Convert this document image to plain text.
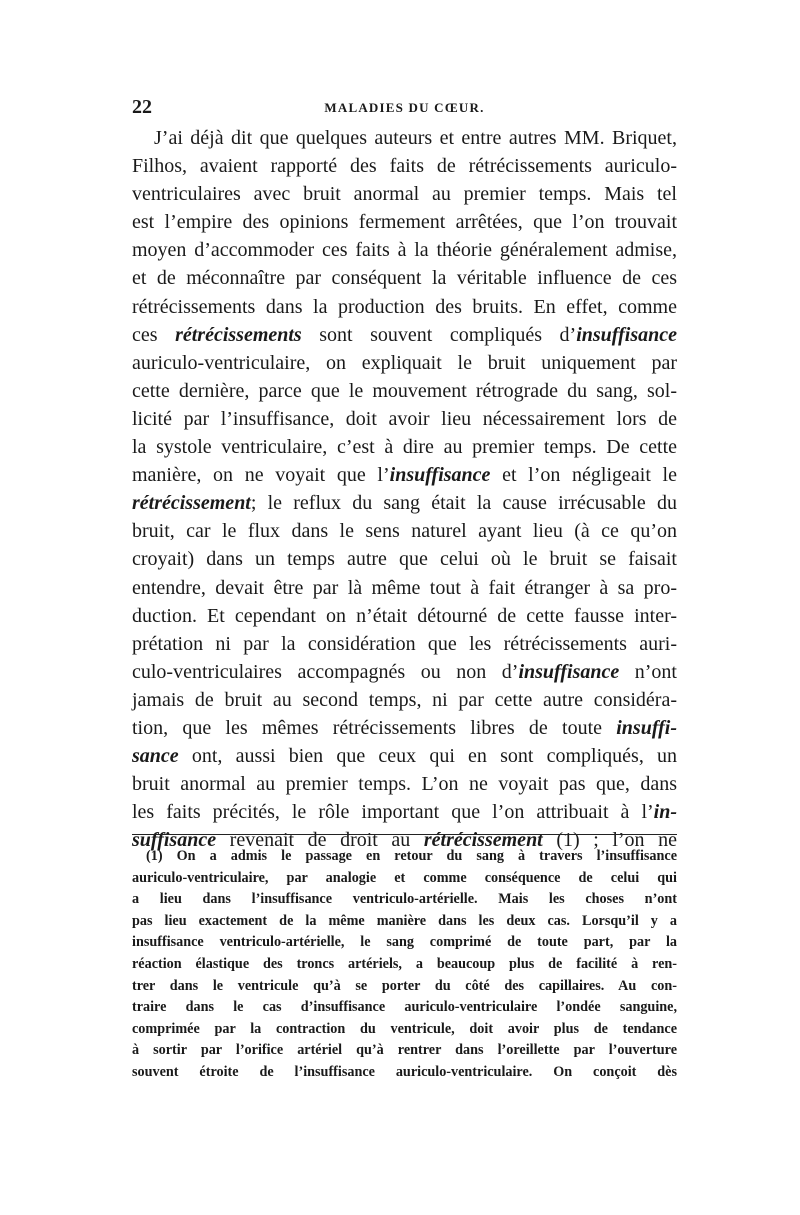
22	MALADIES DU CŒUR.
J’ai déjà dit que quelques auteurs et entre autres MM. Briquet,
Filhos, avaient rapporté des faits de rétrécissements auriculo-
ventriculaires avec bruit anormal au premier temps. Mais tel
est l’empire des opinions fermement arrêtées, que l’on trouvait
moyen d’accommoder ces faits à la théorie généralement admise,
et de méconnaître par conséquent la véritable influence de ces
rétrécissements dans la production des bruits. En effet, comme
ces rétrécissements sont souvent compliqués d’insuffisance
auriculo-ventriculaire, on expliquait le bruit uniquement par
cette dernière, parce que le mouvement rétrograde du sang, sol-
licité par l’insuffisance, doit avoir lieu nécessairement lors de
la systole ventriculaire, c’est à dire au premier temps. De cette
manière, on ne voyait que l’insuffisance et l’on négligeait le
rétrécissement; le reflux du sang était la cause irrécusable du
bruit, car le flux dans le sens naturel ayant lieu (à ce qu’on
croyait) dans un temps autre que celui où le bruit se faisait
entendre, devait être par là même tout à fait étranger à sa pro-
duction. Et cependant on n’était détourné de cette fausse inter-
prétation ni par la considération que les rétrécissements auri-
culo-ventriculaires accompagnés ou non d’insuffisance n’ont
jamais de bruit au second temps, ni par cette autre considéra-
tion, que les mêmes rétrécissements libres de toute insuffi-
sance ont, aussi bien que ceux qui en sont compliqués, un
bruit anormal au premier temps. L’on ne voyait pas que, dans
les faits précités, le rôle important que l’on attribuait à l’in-
suffisance revenait de droit au rétrécissement (1) ; l’on ne
(1) On a admis le passage en retour du sang à travers l’insuffisance
auriculo-ventriculaire, par analogie et comme conséquence de celui qui
a lieu dans l’insuffisance ventriculo-artérielle. Mais les choses n’ont
pas lieu exactement de la même manière dans les deux cas. Lorsqu’il y a
insuffisance ventriculo-artérielle, le sang comprimé de toute part, par la
réaction élastique des troncs artériels, a beaucoup plus de facilité à ren-
trer dans le ventricule qu’à se porter du côté des capillaires. Au con-
traire dans le cas d’insuffisance auriculo-ventriculaire l’ondée sanguine,
comprimée par la contraction du ventricule, doit avoir plus de tendance
à sortir par l’orifice artériel qu’à rentrer dans l’oreillette par l’ouverture
souvent étroite de l’insuffisance auriculo-ventriculaire. On conçoit dès
